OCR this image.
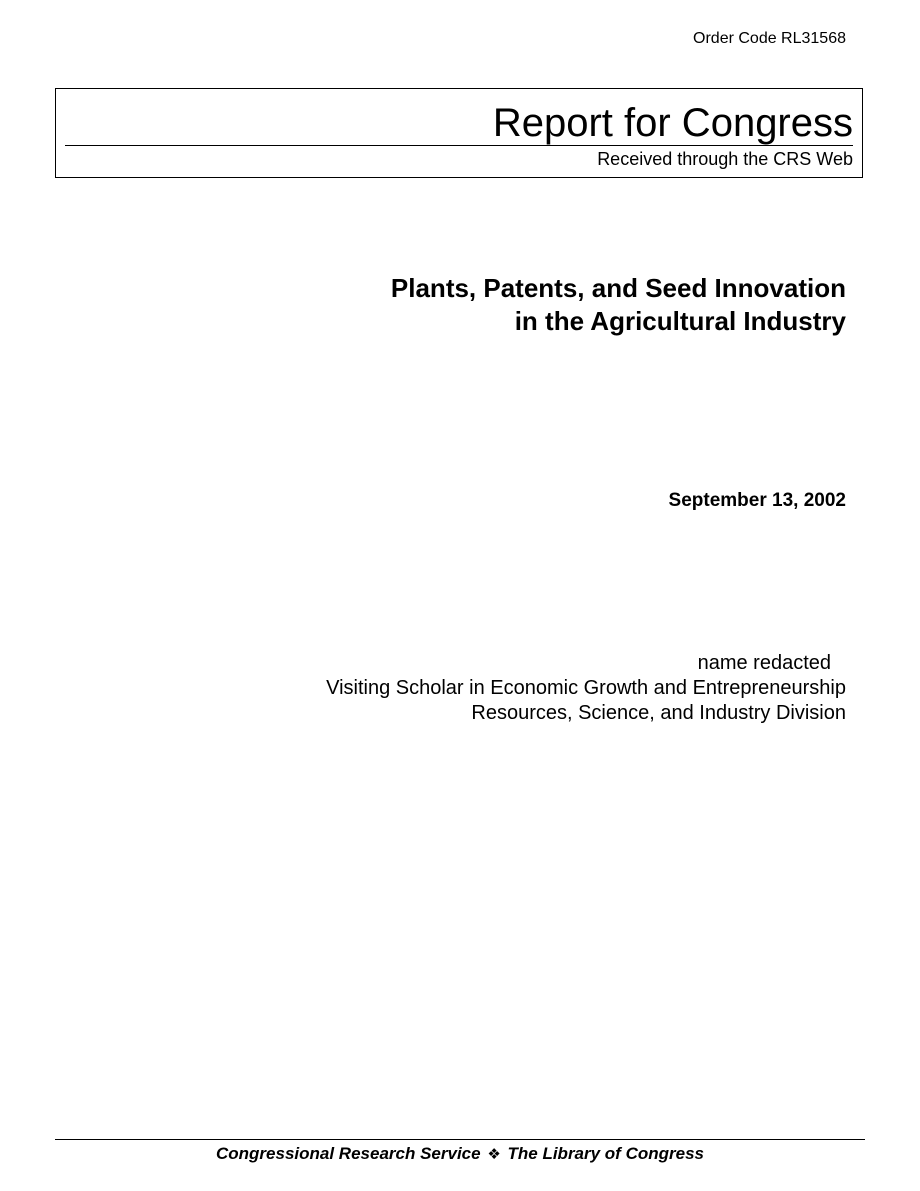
Order Code RL31568
Report for Congress
Received through the CRS Web
Plants, Patents, and Seed Innovation
in the Agricultural Industry
September 13, 2002
name redacted
Visiting Scholar in Economic Growth and Entrepreneurship
Resources, Science, and Industry Division
Congressional Research Service ❖ The Library of Congress
